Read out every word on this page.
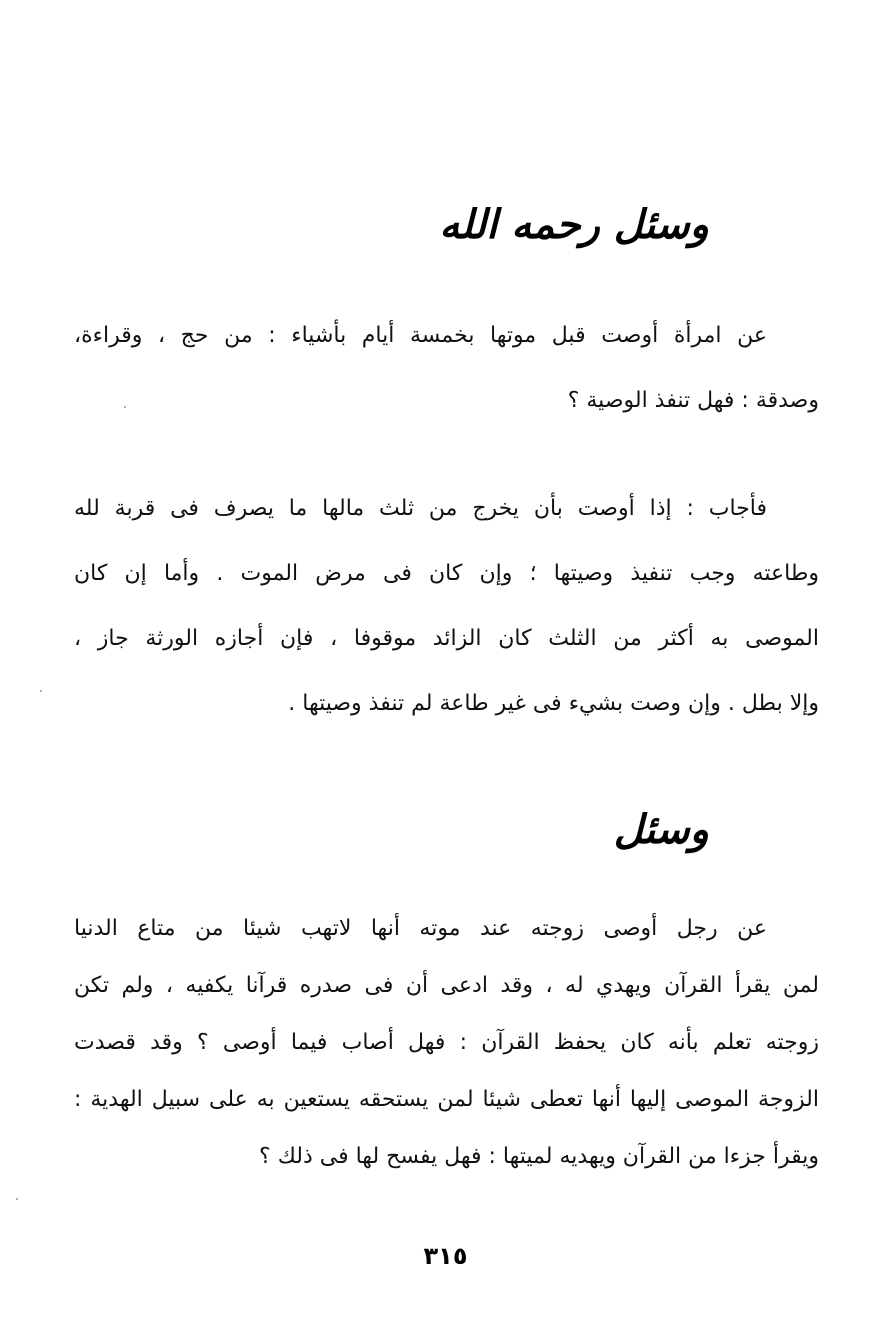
وسئل رحمه الله
عن امرأة أوصت قبل موتها بخمسة أيام بأشياء : من حج ، وقراءة،
وصدقة : فهل تنفذ الوصية ؟
فأجاب : إذا أوصت بأن يخرج من ثلث مالها ما يصرف فى قربة لله
وطاعته وجب تنفيذ وصيتها ؛ وإن كان فى مرض الموت . وأما إن كان
الموصى به أكثر من الثلث كان الزائد موقوفا ، فإن أجازه الورثة جاز ،
وإلا بطل . وإن وصت بشيء فى غير طاعة لم تنفذ وصيتها .
وسئل
عن رجل أوصى زوجته عند موته أنها لاتهب شيئا من متاع الدنيا
لمن يقرأ القرآن ويهدي له ، وقد ادعى أن فى صدره قرآنا يكفيه ، ولم تكن
زوجته تعلم بأنه كان يحفظ القرآن : فهل أصاب فيما أوصى ؟ وقد قصدت
الزوجة الموصى إليها أنها تعطى شيئا لمن يستحقه يستعين به على سبيل الهدية :
ويقرأ جزءا من القرآن ويهديه لميتها : فهل يفسح لها فى ذلك ؟
٣١٥
